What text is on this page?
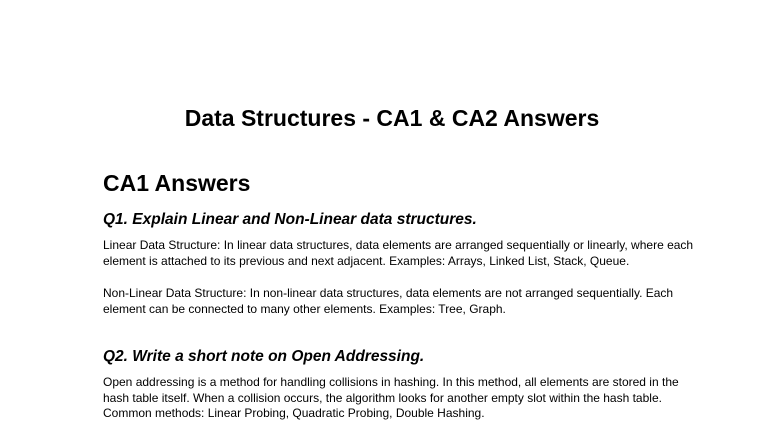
Data Structures - CA1 & CA2 Answers
CA1 Answers
Q1. Explain Linear and Non-Linear data structures.

Linear Data Structure: In linear data structures, data elements are arranged sequentially or linearly, where each element is attached to its previous and next adjacent. Examples: Arrays, Linked List, Stack, Queue.

Non-Linear Data Structure: In non-linear data structures, data elements are not arranged sequentially. Each element can be connected to many other elements. Examples: Tree, Graph.

Q2. Write a short note on Open Addressing.

Open addressing is a method for handling collisions in hashing. In this method, all elements are stored in the hash table itself. When a collision occurs, the algorithm looks for another empty slot within the hash table. Common methods: Linear Probing, Quadratic Probing, Double Hashing.
